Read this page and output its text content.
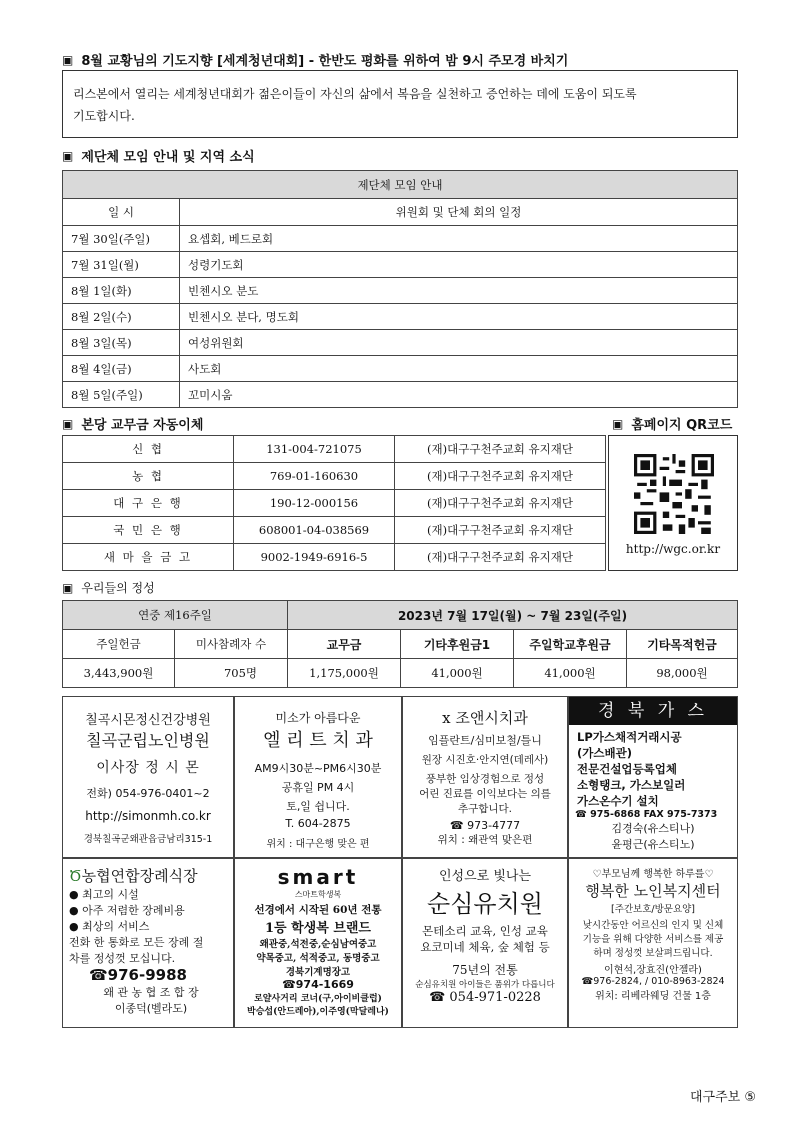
▣ 8월 교황님의 기도지향 [세계청년대회] - 한반도 평화를 위하여 밤 9시 주모경 바치기
리스본에서 열리는 세계청년대회가 젊은이들이 자신의 삶에서 복음을 실천하고 증언하는 데에 도움이 되도록
기도합시다.
▣ 제단체 모임 안내 및 지역 소식
제단체 모임 안내	
일 시	위원회 및 단체 회의 일정
7월 30일(주일)	요셉회, 베드로회
7월 31일(월)	성령기도회
8월 1일(화)	빈첸시오 분도
8월 2일(수)	빈첸시오 분다, 명도회
8월 3일(목)	여성위원회
8월 4일(금)	사도회
8월 5일(주일)	꼬미시움
▣ 본당 교무금 자동이체	▣ 홈페이지 QR코드
신 협	131-004-721075	(재)대구구천주교회 유지재단
농 협	769-01-160630	(재)대구구천주교회 유지재단
대 구 은 행	190-12-000156	(재)대구구천주교회 유지재단
국 민 은 행	608001-04-038569	(재)대구구천주교회 유지재단
새 마 을 금 고	9002-1949-6916-5	(재)대구구천주교회 유지재단
http://wgc.or.kr
▣ 우리들의 정성
연중 제16주일		2023년 7월 17일(월) ~ 7월 23일(주일)			
주일헌금	미사참례자 수	교무금	기타후원금1	주일학교후원금	기타목적헌금
3,443,900원	705명	1,175,000원	41,000원	41,000원	98,000원
칠곡시몬정신건강병원
칠곡군립노인병원
이사장 정 시 몬
전화) 054-976-0401~2
http://simonmh.co.kr
경북칠곡군왜관읍금남리315-1
미소가 아름다운
엘 리 트 치 과
AM9시30분~PM6시30분
공휴일 PM 4시
토,일 쉽니다.
T. 604-2875
위치 : 대구은행 맞은 편
ⅹ 조앤시치과
임플란트/심미보철/틀니
원장 시진호·안지연(데레사)
풍부한 임상경험으로 정성
어린 진료를 이익보다는 의를
추구합니다.
☎ 973-4777
위치 : 왜관역 맞은편
경 북 가 스
LP가스채적거래시공
(가스배관)
전문건설업등록업체
소형탱크, 가스보일러
가스온수기 설치
☎ 975-6868 FAX 975-7373
김경숙(유스티나)
윤평근(유스티노)
Ծ농협연합장례식장
● 최고의 시설
● 아주 저렴한 장례비용
● 최상의 서비스
전화 한 통화로 모든 장례 절
차를 정성껏 모십니다.
☎976-9988
왜 관 농 협 조 합 장
이종덕(벨라도)
smart
스마트학생복
선경에서 시작된 60년 전통
1등 학생복 브랜드
왜관중,석전중,순심남여중고
약목중고, 석적중고, 동명중고
경북기계명장고
☎974-1669
로얄사거리 코너(구,아이비클럽)
박승섭(안드레아),이주영(막달레나)
인성으로 빛나는
순심유치원
몬테소리 교육, 인성 교육
요코미네 체육, 숲 체험 등
75년의 전통
순심유치원 아이들은 품위가 다릅니다
☎ 054-971-0228
♡부모님께 행복한 하루를♡
행복한 노인복지센터
[주간보호/방문요양]
낮시간동안 어르신의 인지 및 신체
기능을 위해 다양한 서비스를 제공
하며 정성껏 보살펴드립니다.
이현석,장효진(안젤라)
☎976-2824, / 010-8963-2824
위치: 리베라웨딩 건물 1층
대구주보 ⑤
